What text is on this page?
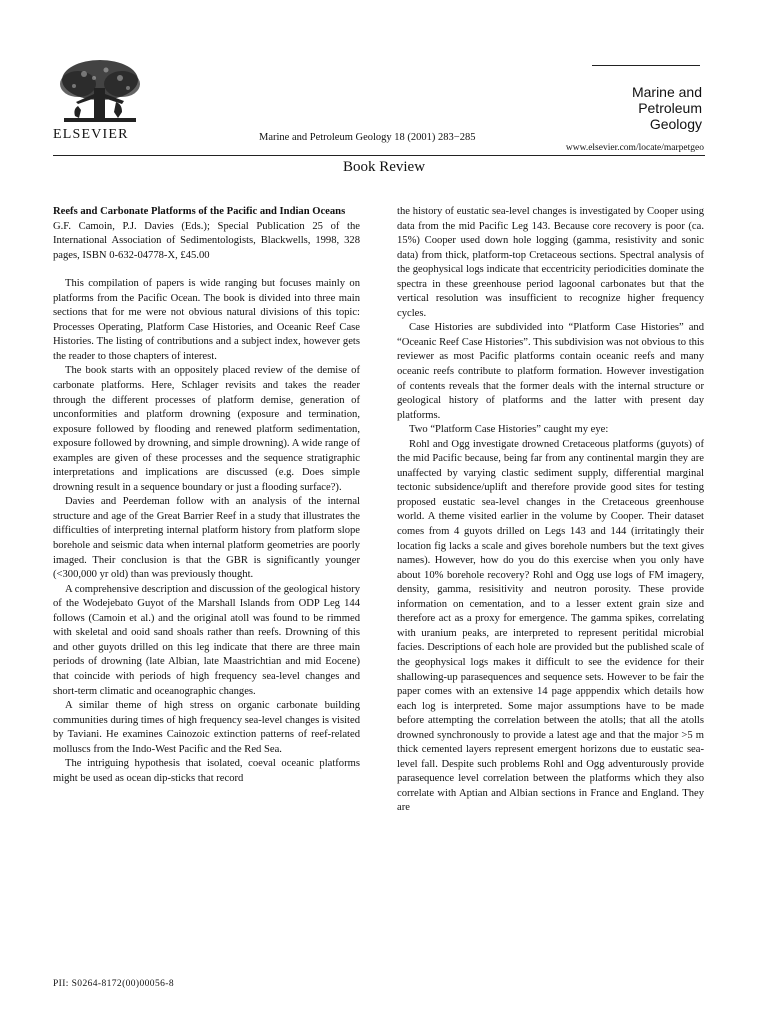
ELSEVIER	Marine and Petroleum Geology 18 (2001) 283−285
Marine and
Petroleum Geology
www.elsevier.com/locate/marpetgeo
Book Review
Reefs and Carbonate Platforms of the Pacific and Indian Oceans

G.F. Camoin, P.J. Davies (Eds.); Special Publication 25 of the International Association of Sedimentologists, Blackwells, 1998, 328 pages, ISBN 0-632-04778-X, £45.00

This compilation of papers is wide ranging but focuses mainly on platforms from the Pacific Ocean. The book is divided into three main sections that for me were not obvious natural divisions of this topic: Processes Operating, Platform Case Histories, and Oceanic Reef Case Histories. The listing of contributions and a subject index, however gets the reader to those chapters of interest.

The book starts with an oppositely placed review of the demise of carbonate platforms. Here, Schlager revisits and takes the reader through the different processes of platform demise, generation of unconformities and platform drowning (exposure and termination, exposure followed by flooding and renewed platform sedimentation, exposure followed by drowning, and simple drowning). A wide range of examples are given of these processes and the sequence stratigraphic interpretations and implications are discussed (e.g. Does simple drowning result in a sequence boundary or just a flooding surface?).

Davies and Peerdeman follow with an analysis of the internal structure and age of the Great Barrier Reef in a study that illustrates the difficulties of interpreting internal platform history from platform slope borehole and seismic data when internal platform geometries are poorly imaged. Their conclusion is that the GBR is significantly younger (<300,000 yr old) than was previously thought.

A comprehensive description and discussion of the geological history of the Wodejebato Guyot of the Marshall Islands from ODP Leg 144 follows (Camoin et al.) and the original atoll was found to be rimmed with skeletal and ooid sand shoals rather than reefs. Drowning of this and other guyots drilled on this leg indicate that there are three main periods of drowning (late Albian, late Maastrichtian and mid Eocene) that coincide with periods of high frequency sea-level changes and short-term climatic and oceanographic changes.

A similar theme of high stress on organic carbonate building communities during times of high frequency sea-level changes is visited by Taviani. He examines Cainozoic extinction patterns of reef-related molluscs from the Indo-West Pacific and the Red Sea.

The intriguing hypothesis that isolated, coeval oceanic platforms might be used as ocean dip-sticks that record

the history of eustatic sea-level changes is investigated by Cooper using data from the mid Pacific Leg 143. Because core recovery is poor (ca. 15%) Cooper used down hole logging (gamma, resistivity and sonic data) from thick, platform-top Cretaceous sections. Spectral analysis of the geophysical logs indicate that eccentricity periodicities dominate the spectra in these greenhouse period lagoonal carbonates but that the vertical resolution was insufficient to recognize higher frequency cycles.

Case Histories are subdivided into “Platform Case Histories” and “Oceanic Reef Case Histories”. This subdivision was not obvious to this reviewer as most Pacific platforms contain oceanic reefs and many oceanic reefs contribute to platform formation. However investigation of contents reveals that the former deals with the internal structure or geological history of platforms and the latter with present day platforms.

Two “Platform Case Histories” caught my eye:

Rohl and Ogg investigate drowned Cretaceous platforms (guyots) of the mid Pacific because, being far from any continental margin they are unaffected by varying clastic sediment supply, differential marginal tectonic subsidence/uplift and therefore provide good sites for testing proposed eustatic sea-level changes in the Cretaceous greenhouse world. A theme visited earlier in the volume by Cooper. Their dataset comes from 4 guyots drilled on Legs 143 and 144 (irritatingly their location fig lacks a scale and gives borehole numbers but the text gives names). However, how do you do this exercise when you only have about 10% borehole recovery? Rohl and Ogg use logs of FM imagery, density, gamma, resisitivity and neutron porosity. These provide information on cementation, and to a lesser extent grain size and therefore act as a proxy for emergence. The gamma spikes, correlating with uranium peaks, are interpreted to represent peritidal microbial facies. Descriptions of each hole are provided but the published scale of the geophysical logs makes it difficult to see the evidence for their shallowing-up parasequences and sequence sets. However to be fair the paper comes with an extensive 14 page apppendix which details how each log is interpreted. Some major assumptions have to be made before attempting the correlation between the atolls; that all the atolls drowned synchronously to provide a latest age and that the major >5 m thick cemented layers represent emergent horizons due to eustatic sea-level fall. Despite such problems Rohl and Ogg adventurously provide parasequence level correlation between the platforms which they also correlate with Aptian and Albian sections in France and England. They are

PII: S0264-8172(00)00056-8
